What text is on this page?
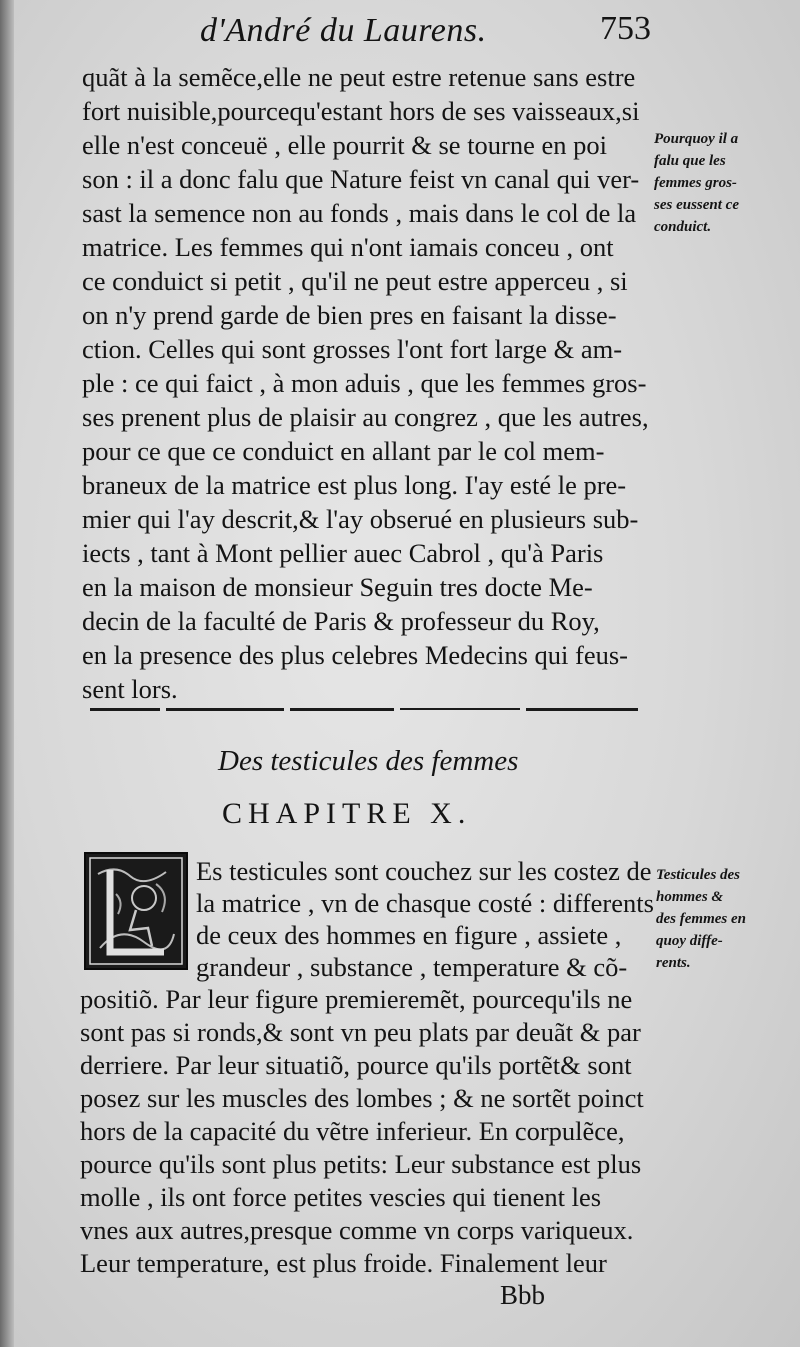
d'André du Laurens.	753
quãt à la semẽce,elle ne peut estre retenue sans estre
fort nuisible,pourcequ'estant hors de ses vaisseaux,si
elle n'est conceuë , elle pourrit & se tourne en poi
son : il a donc falu que Nature feist vn canal qui ver-
sast la semence non au fonds , mais dans le col de la
matrice. Les femmes qui n'ont iamais conceu , ont
ce conduict si petit , qu'il ne peut estre apperceu , si
on n'y prend garde de bien pres en faisant la disse-
ction. Celles qui sont grosses l'ont fort large & am-
ple : ce qui faict , à mon aduis , que les femmes gros-
ses prenent plus de plaisir au congrez , que les autres,
pour ce que ce conduict en allant par le col mem-
braneux de la matrice est plus long. I'ay esté le pre-
mier qui l'ay descrit,& l'ay obserué en plusieurs sub-
iects , tant à Mont pellier auec Cabrol , qu'à Paris
en la maison de monsieur Seguin tres docte Me-
decin de la faculté de Paris & professeur du Roy,
en la presence des plus celebres Medecins qui feus-
sent lors.
Pourquoy il a
falu que les
femmes gros-
ses eussent ce
conduict.
Des testicules des femmes
CHAPITRE X.
Es testicules sont couchez sur les costez de
la matrice , vn de chasque costé : differents
de ceux des hommes en figure , assiete ,
grandeur , substance , temperature & cõ-
positiõ. Par leur figure premieremẽt, pourcequ'ils ne
sont pas si ronds,& sont vn peu plats par deuãt & par
derriere. Par leur situatiõ, pource qu'ils portẽt& sont
posez sur les muscles des lombes ; & ne sortẽt poinct
hors de la capacité du vẽtre inferieur. En corpulẽce,
pource qu'ils sont plus petits: Leur substance est plus
molle , ils ont force petites vescies qui tienent les
vnes aux autres,presque comme vn corps variqueux.
Leur temperature, est plus froide. Finalement leur
Testicules des
hommes &
des femmes en
quoy diffe-
rents.
Bbb
